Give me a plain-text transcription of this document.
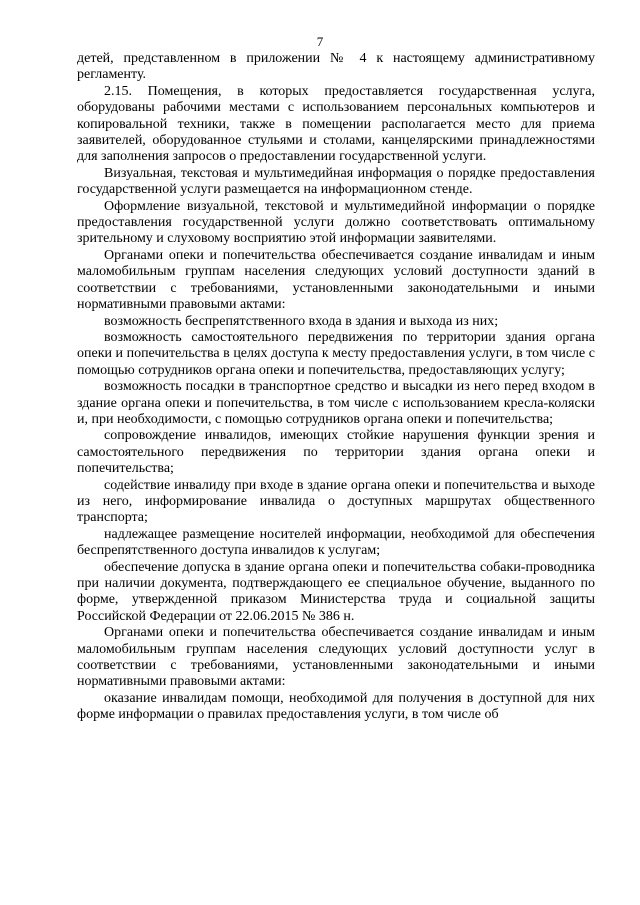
7

детей, представленном в приложении № 4 к настоящему административному регламенту.

2.15. Помещения, в которых предоставляется государственная услуга, оборудованы рабочими местами с использованием персональных компьютеров и копировальной техники, также в помещении располагается место для приема заявителей, оборудованное стульями и столами, канцелярскими принадлежностями для заполнения запросов о предоставлении государственной услуги.

Визуальная, текстовая и мультимедийная информация о порядке предоставления государственной услуги размещается на информационном стенде.

Оформление визуальной, текстовой и мультимедийной информации о порядке предоставления государственной услуги должно соответствовать оптимальному зрительному и слуховому восприятию этой информации заявителями.

Органами опеки и попечительства обеспечивается создание инвалидам и иным маломобильным группам населения следующих условий доступности зданий в соответствии с требованиями, установленными законодательными и иными нормативными правовыми актами:

возможность беспрепятственного входа в здания и выхода из них;

возможность самостоятельного передвижения по территории здания органа опеки и попечительства в целях доступа к месту предоставления услуги, в том числе с помощью сотрудников органа опеки и попечительства, предоставляющих услугу;

возможность посадки в транспортное средство и высадки из него перед входом в здание органа опеки и попечительства, в том числе с использованием кресла-коляски и, при необходимости, с помощью сотрудников органа опеки и попечительства;

сопровождение инвалидов, имеющих стойкие нарушения функции зрения и самостоятельного передвижения по территории здания органа опеки и попечительства;

содействие инвалиду при входе в здание органа опеки и попечительства и выходе из него, информирование инвалида о доступных маршрутах общественного транспорта;

надлежащее размещение носителей информации, необходимой для обеспечения беспрепятственного доступа инвалидов к услугам;

обеспечение допуска в здание органа опеки и попечительства собаки-проводника при наличии документа, подтверждающего ее специальное обучение, выданного по форме, утвержденной приказом Министерства труда и социальной защиты Российской Федерации от 22.06.2015 № 386 н.

Органами опеки и попечительства обеспечивается создание инвалидам и иным маломобильным группам населения следующих условий доступности услуг в соответствии с требованиями, установленными законодательными и иными нормативными правовыми актами:

оказание инвалидам помощи, необходимой для получения в доступной для них форме информации о правилах предоставления услуги, в том числе об
